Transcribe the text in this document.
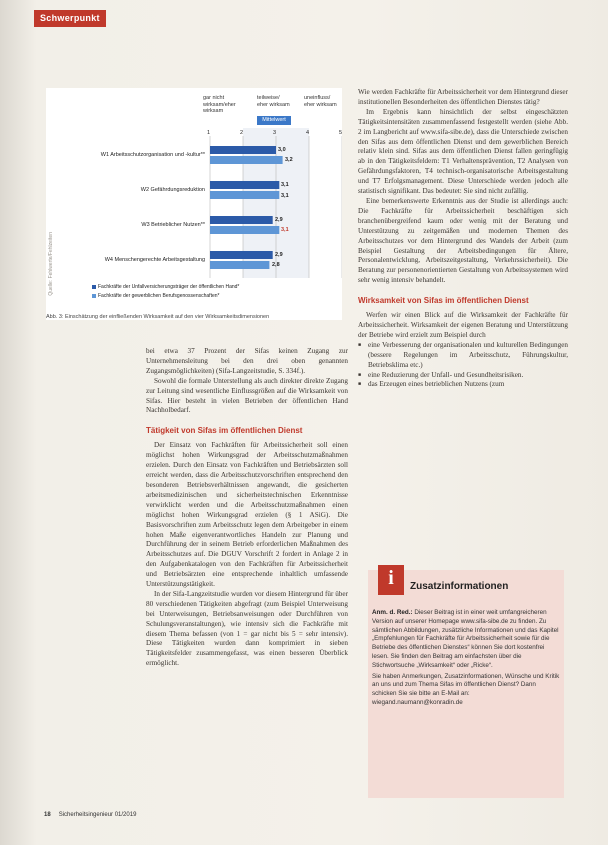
Schwerpunkt
Quelle: Fehlwerte/Fehlzeiten
gar nicht wirksam/eher wirksam
teilweise/ eher wirksam
uneinfluss/ eher wirksam
Mittelwert
1	2	3	4	5
W1 Arbeitsschutzorganisation und -kultur**
W2 Gefährdungsreduktion
W3 Betrieblicher Nutzen**
W4 Menschengerechte Arbeitsgestaltung
3,0
3,2
3,1
3,1
2,9
3,1
2,9
2,8
Fachkräfte der Unfallversicherungsträger der öffentlichen Hand*
Fachkräfte der gewerblichen Berufsgenossenschaften*
Abb. 3: Einschätzung der einfließenden Wirksamkeit auf den vier Wirksamkeitsdimensionen

Wie werden Fachkräfte für Arbeitssicherheit vor dem Hintergrund dieser institutionellen Besonderheiten des öffentlichen Dienstes tätig?

Im Ergebnis kann hinsichtlich der selbst eingeschätzten Tätigkeitsintensitäten zusammenfassend festgestellt werden (siehe Abb. 2 im Langbericht auf www.sifa-sibe.de), dass die Unterschiede zwischen den Sifas aus dem öffentlichen Dienst und dem gewerblichen Bereich relativ klein sind. Sifas aus dem öffentlichen Dienst fallen geringfügig ab in den Tätigkeitsfeldern: T1 Verhaltensprävention, T2 Analysen von Gefährdungsfaktoren, T4 technisch-organisatorische Arbeitsgestaltung und T7 Erfolgsmanagement. Diese Unterschiede werden jedoch alle statistisch signifikant. Das bedeutet: Sie sind nicht zufällig.

Eine bemerkenswerte Erkenntnis aus der Studie ist allerdings auch: Die Fachkräfte für Arbeitssicherheit beschäftigen sich branchenübergreifend kaum oder wenig mit der Beratung und Unterstützung zu zeitgemäßen und modernen Themen des Arbeitsschutzes vor dem Hintergrund des Wandels der Arbeit (zum Beispiel Gestaltung der Arbeitsbedingungen für Ältere, Personalentwicklung, Arbeitszeitgestaltung, Verkehrssicherheit). Die Beratung zur personenorientierten Gestaltung von Arbeitssystemen wird sehr wenig intensiv behandelt.

Wirksamkeit von Sifas im öffentlichen Dienst

Werfen wir einen Blick auf die Wirksamkeit der Fachkräfte für Arbeitssicherheit. Wirksamkeit der eigenen Beratung und Unterstützung der Betriebe wird erzielt zum Beispiel durch

■ eine Verbesserung der organisationalen und kulturellen Bedingungen (bessere Regelungen im Arbeitsschutz, Führungskultur, Betriebsklima etc.)
■ eine Reduzierung der Unfall- und Gesundheitsrisiken.
■ das Erzeugen eines betrieblichen Nutzens (zum

bei etwa 37 Prozent der Sifas keinen Zugang zur Unternehmensleitung bei den drei oben genannten Zugangsmöglichkeiten) (Sifa-Langzeitstudie, S. 334f.).

Sowohl die formale Unterstellung als auch direkter direkte Zugang zur Leitung sind wesentliche Einflussgrößen auf die Wirksamkeit von Sifas. Hier besteht in vielen Betrieben der öffentlichen Hand Nachholbedarf.

Tätigkeit von Sifas im öffentlichen Dienst

Der Einsatz von Fachkräften für Arbeitssicherheit soll einen möglichst hohen Wirkungsgrad der Arbeitsschutzmaßnahmen erzielen. Durch den Einsatz von Fachkräften und Betriebsärzten soll erreicht werden, dass die Arbeitsschutzvorschriften entsprechend den besonderen Betriebsverhältnissen angewandt, die gesicherten arbeitsmedizinischen und sicherheitstechnischen Erkenntnisse verwirklicht werden und die Arbeitsschutzmaßnahmen einen möglichst hohen Wirkungsgrad erzielen (§ 1 ASiG). Die Basisvorschriften zum Arbeitsschutz legen dem Arbeitgeber in einem hohen Maße eigenverantwortliches Handeln zur Planung und Durchführung der in seinem Betrieb erforderlichen Maßnahmen des Arbeitsschutzes auf. Die DGUV Vorschrift 2 fordert in Anlage 2 in den Aufgabenkatalogen von den Fachkräften für Arbeitssicherheit und Betriebsärzten eine entsprechende inhaltlich umfassende Unterstützungstätigkeit.

In der Sifa-Langzeitstudie wurden vor diesem Hintergrund für über 80 verschiedenen Tätigkeiten abgefragt (zum Beispiel Unterweisung bei Unterweisungen, Betriebsanweisungen oder Durchführen von Schulungsveranstaltungen), wie intensiv sich die Fachkräfte mit diesem Thema befassen (von 1 = gar nicht bis 5 = sehr intensiv). Diese Tätigkeiten wurden dann komprimiert in sieben Tätigkeitsfelder zusammengefasst, was einen besseren Überblick ermöglicht.

i	Zusatzinformationen

Anm. d. Red.: Dieser Beitrag ist in einer weit umfangreicheren Version auf unserer Homepage www.sifa-sibe.de zu finden. Zu sämtlichen Abbildungen, zusätzliche Informationen und das Kapitel „Empfehlungen für Fachkräfte für Arbeitssicherheit sowie für die Betriebe des öffentlichen Dienstes“ können Sie dort kostenfrei lesen. Sie finden den Beitrag am einfachsten über die Stichwortsuche „Wirksamkeit“ oder „Ricke“.

Sie haben Anmerkungen, Zusatzinformationen, Wünsche und Kritik an uns und zum Thema Sifas im öffentlichen Dienst? Dann schicken Sie sie bitte an E-Mail an:

wiegand.naumann@konradin.de

18 Sicherheitsingenieur 01/2019
